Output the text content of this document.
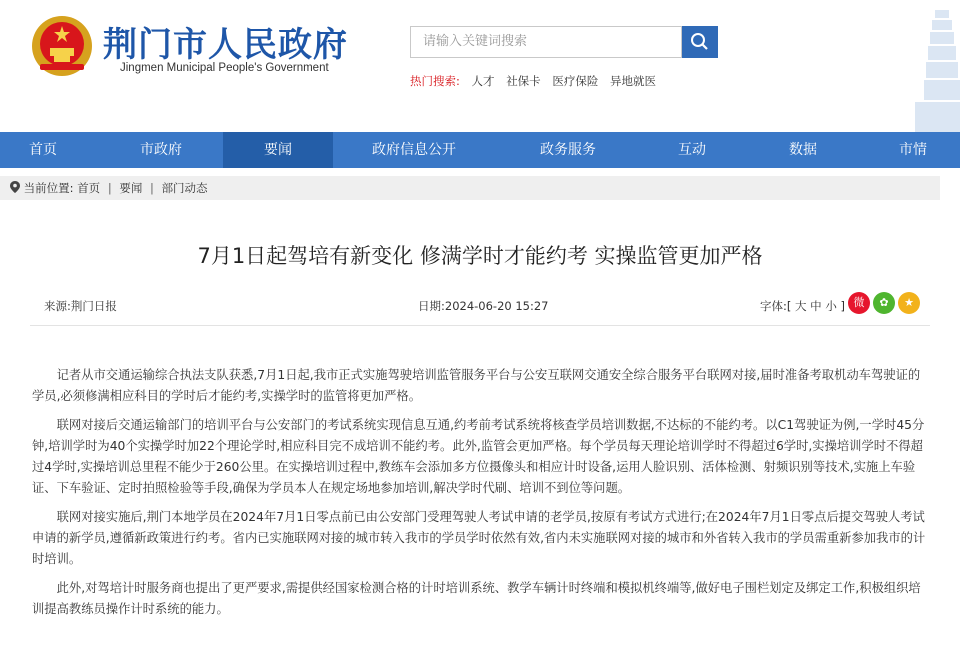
荆门市人民政府
Jingmen Municipal People's Government
请输入关键词搜索
热门搜索: 人才 社保卡 医疗保险 异地就医
首页	市政府	要闻	政府信息公开	政务服务	互动	数据	市情
当前位置: 首页 | 要闻 | 部门动态
7月1日起驾培有新变化 修满学时才能约考 实操监管更加严格
来源:荆门日报	日期:2024-06-20 15:27	字体:[ 大 中 小 ] 微	✿	★

记者从市交通运输综合执法支队获悉,7月1日起,我市正式实施驾驶培训监管服务平台与公安互联网交通安全综合服务平台联网对接,届时准备考取机动车驾驶证的学员,必须修满相应科目的学时后才能约考,实操学时的监管将更加严格。

联网对接后交通运输部门的培训平台与公安部门的考试系统实现信息互通,约考前考试系统将核查学员培训数据,不达标的不能约考。以C1驾驶证为例,一学时45分钟,培训学时为40个实操学时加22个理论学时,相应科目完不成培训不能约考。此外,监管会更加严格。每个学员每天理论培训学时不得超过6学时,实操培训学时不得超过4学时,实操培训总里程不能少于260公里。在实操培训过程中,教练车会添加多方位摄像头和相应计时设备,运用人脸识别、活体检测、射频识别等技术,实施上车验证、下车验证、定时拍照检验等手段,确保为学员本人在规定场地参加培训,解决学时代刷、培训不到位等问题。

联网对接实施后,荆门本地学员在2024年7月1日零点前已由公安部门受理驾驶人考试申请的老学员,按原有考试方式进行;在2024年7月1日零点后提交驾驶人考试申请的新学员,遵循新政策进行约考。省内已实施联网对接的城市转入我市的学员学时依然有效,省内未实施联网对接的城市和外省转入我市的学员需重新参加我市的计时培训。

此外,对驾培计时服务商也提出了更严要求,需提供经国家检测合格的计时培训系统、教学车辆计时终端和模拟机终端等,做好电子围栏划定及绑定工作,积极组织培训提高教练员操作计时系统的能力。
